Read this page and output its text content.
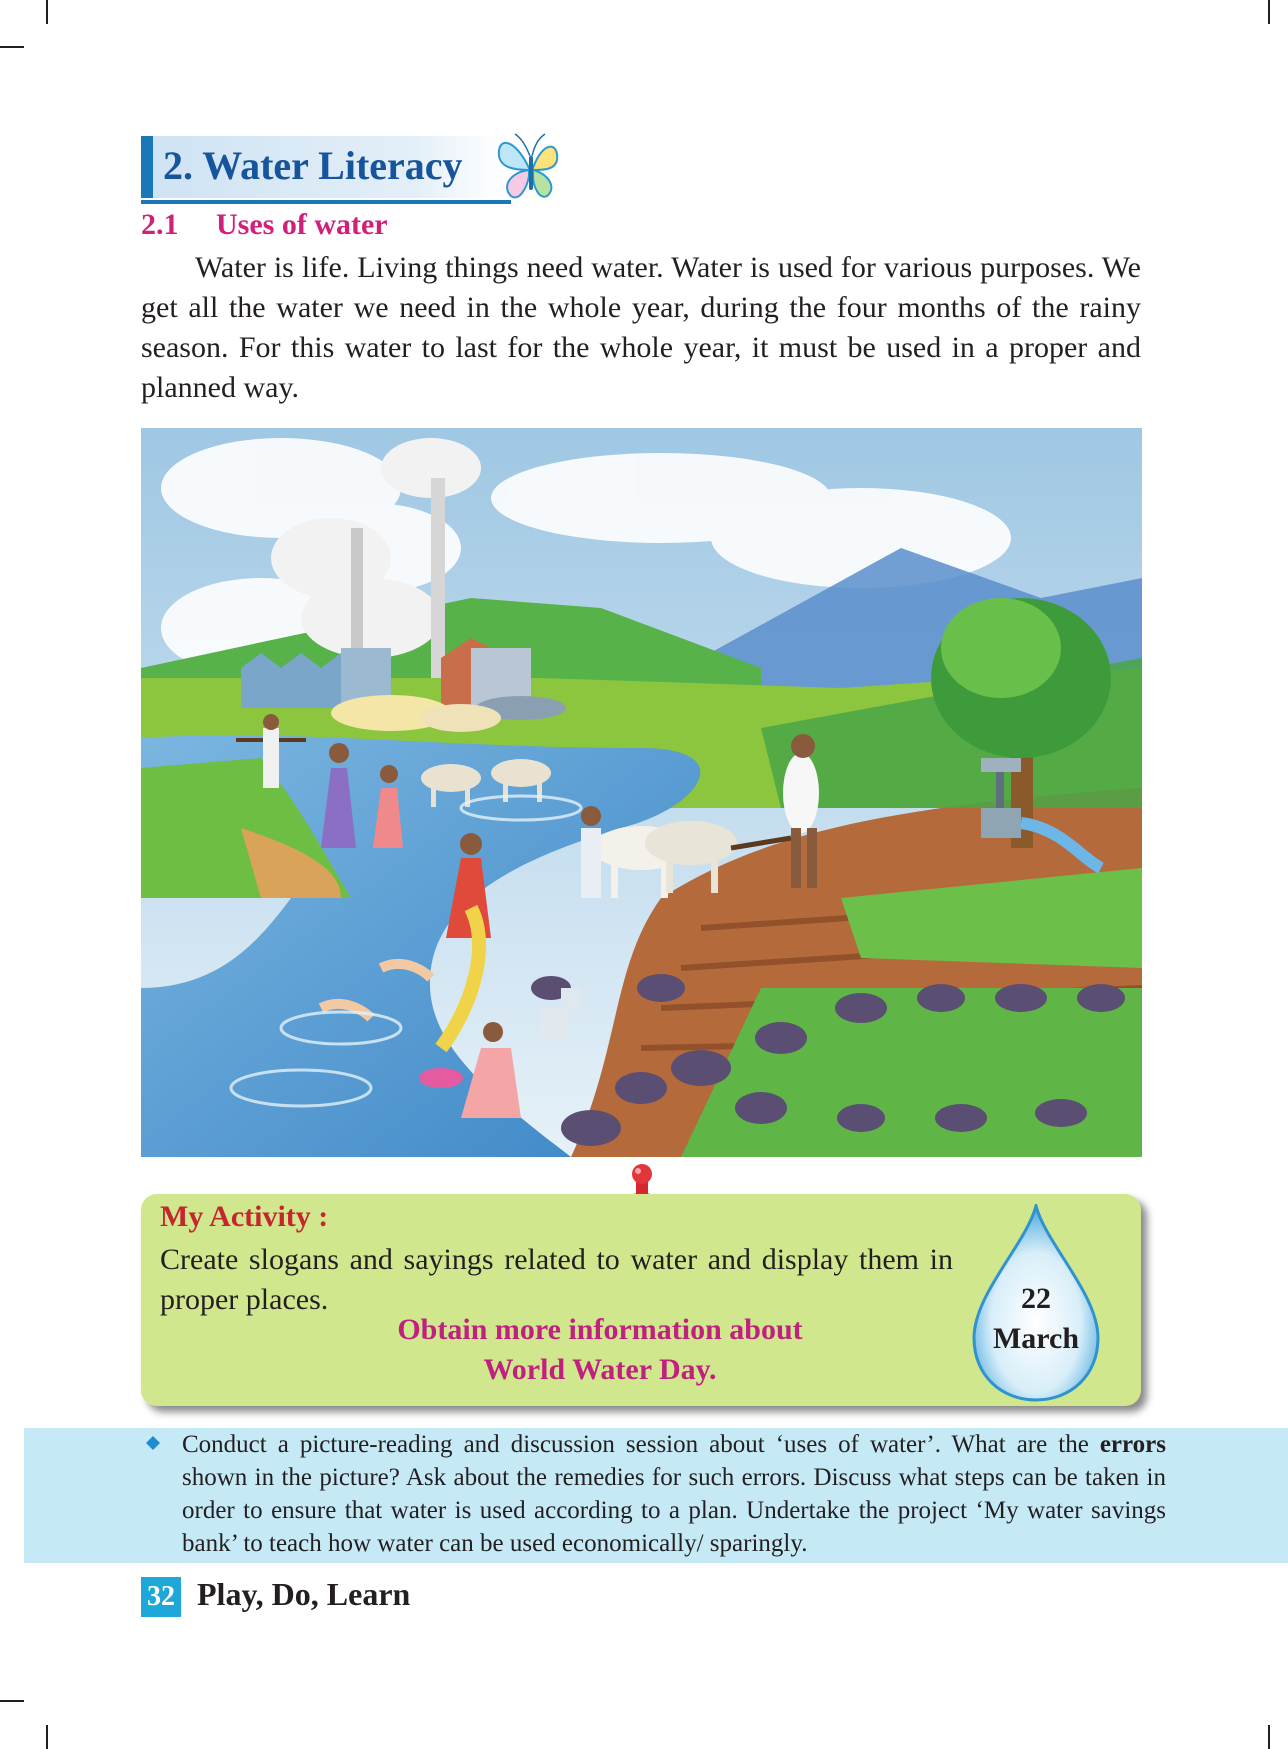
2. Water Literacy
2.1 Uses of water

Water is life. Living things need water. Water is used for various purposes. We get all the water we need in the whole year, during the four months of the rainy season. For this water to last for the whole year, it must be used in a proper and planned way.

My Activity :

Create slogans and sayings related to water and display them in proper places.

Obtain more information about
World Water Day.
22
March

Conduct a picture-reading and discussion session about ‘uses of water’. What are the errors shown in the picture? Ask about the remedies for such errors. Discuss what steps can be taken in order to ensure that water is used according to a plan. Undertake the project ‘My water savings bank’ to teach how water can be used economically/ sparingly.

32 Play, Do, Learn
